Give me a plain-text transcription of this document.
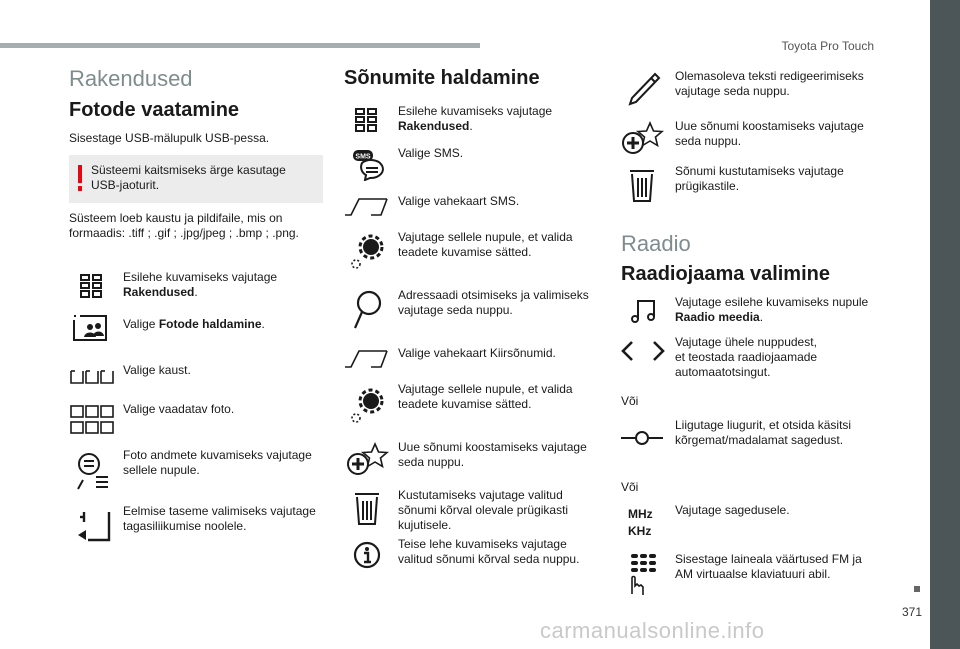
Toyota Pro Touch
371
carmanualsonline.info
Rakendused
Fotode vaatamine
Sisestage USB-mälupulk USB-pessa.
Süsteemi kaitsmiseks ärge kasutage
USB-jaoturit.
Süsteem loeb kaustu ja pildifaile, mis on
formaadis: .tiff ; .gif ; .jpg/jpeg ; .bmp ; .png.
Esilehe kuvamiseks vajutage
Rakendused.
Valige Fotode haldamine.
Valige kaust.
Valige vaadatav foto.
Foto andmete kuvamiseks vajutage
sellele nupule.
Eelmise taseme valimiseks vajutage
tagasiliikumise noolele.
Sõnumite haldamine
Esilehe kuvamiseks vajutage
Rakendused.
SMS Valige SMS.
Valige vahekaart SMS.
Vajutage sellele nupule, et valida
teadete kuvamise sätted.
Adressaadi otsimiseks ja valimiseks
vajutage seda nuppu.
Valige vahekaart Kiirsõnumid.
Vajutage sellele nupule, et valida
teadete kuvamise sätted.
Uue sõnumi koostamiseks vajutage
seda nuppu.
Kustutamiseks vajutage valitud
sõnumi kõrval olevale prügikasti
kujutisele.
Teise lehe kuvamiseks vajutage
valitud sõnumi kõrval seda nuppu.
Olemasoleva teksti redigeerimiseks
vajutage seda nuppu.
Uue sõnumi koostamiseks vajutage
seda nuppu.
Sõnumi kustutamiseks vajutage
prügikastile.
Raadio
Raadiojaama valimine
Vajutage esilehe kuvamiseks nupule
Raadio meedia.
Vajutage ühele nuppudest,
et teostada raadiojaamade
automaatotsingut.
Või
Liigutage liugurit, et otsida käsitsi
kõrgemat/madalamat sagedust.
Või
MHz
KHz
Vajutage sagedusele.
Sisestage laineala väärtused FM ja
AM virtuaalse klaviatuuri abil.
